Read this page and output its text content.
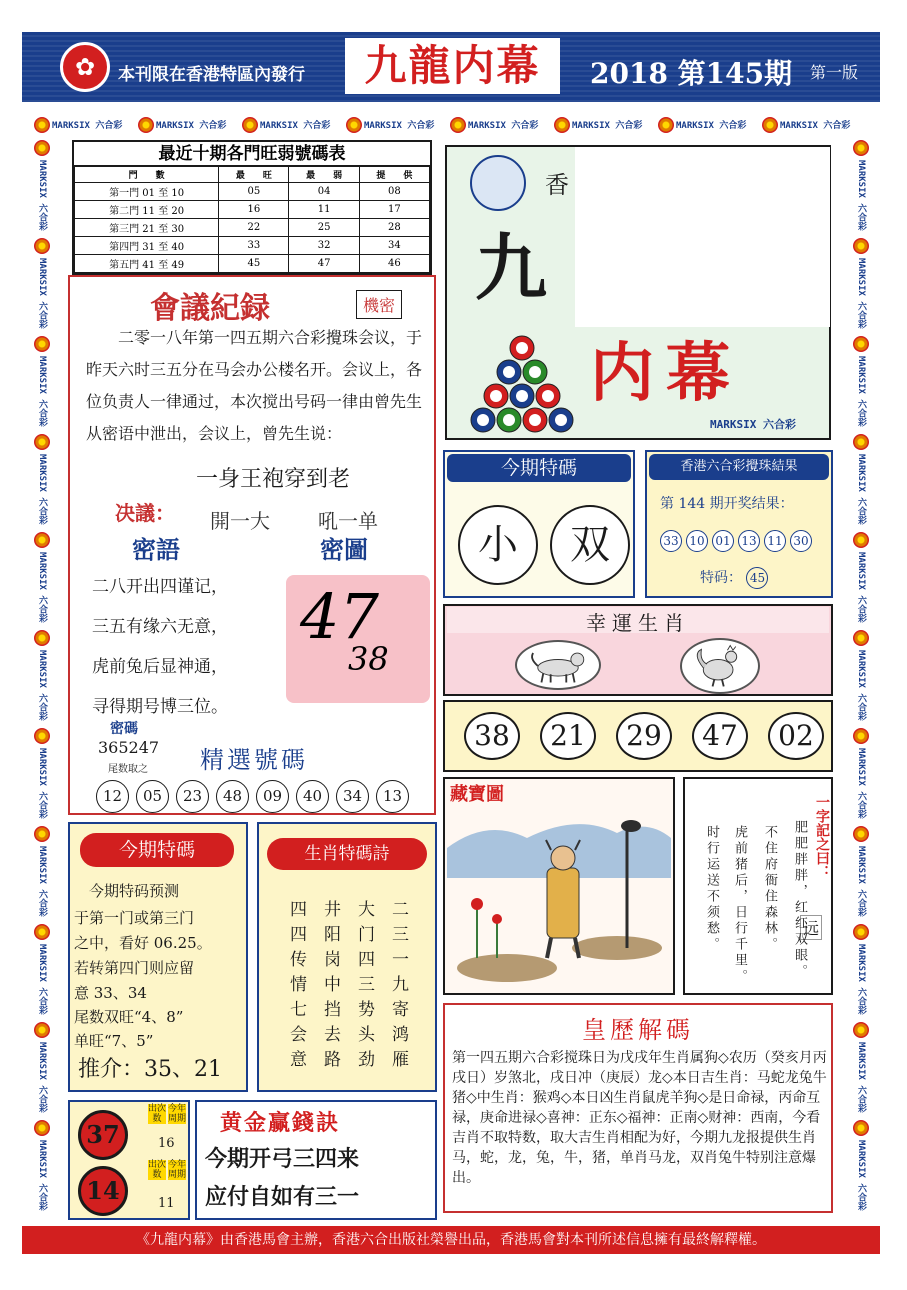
✿	本刊限在香港特區內發行	九龍内幕	2018 第145期 第一版
MARKSIX 六合彩	MARKSIX 六合彩	MARKSIX 六合彩	MARKSIX 六合彩	MARKSIX 六合彩	MARKSIX 六合彩	MARKSIX 六合彩	MARKSIX 六合彩
MARKSIX 六合彩
MARKSIX 六合彩
MARKSIX 六合彩
MARKSIX 六合彩
MARKSIX 六合彩
MARKSIX 六合彩
MARKSIX 六合彩
MARKSIX 六合彩
MARKSIX 六合彩
MARKSIX 六合彩
MARKSIX 六合彩
MARKSIX 六合彩
MARKSIX 六合彩
MARKSIX 六合彩
MARKSIX 六合彩
MARKSIX 六合彩
MARKSIX 六合彩
MARKSIX 六合彩
MARKSIX 六合彩
MARKSIX 六合彩
MARKSIX 六合彩
MARKSIX 六合彩
最近十期各門旺弱號碼表
門　　數	最　　旺	最　　弱	提　　供
第一門 01 至 10	05	04	08
第二門 11 至 20	16	11	17
第三門 21 至 30	22	25	28
第四門 31 至 40	33	32	34
第五門 41 至 49	45	47	46
會議紀録	機密
二零一八年第一四五期六合彩攪珠会议，于昨天六时三五分在马会办公楼名开。会议上，各位负责人一律通过，本次搅出号码一律由曾先生从密语中泄出，会议上，曾先生说：
一身王袍穿到老
决議： 開一大 吼一单
密語	密圖
二八开出四谨记，
三五有缘六无意，
虎前兔后显神通，
寻得期号博三位。
47
38
密碼
365247
尾数取之 精選號碼
12	05	23	48	09	40	34	13
香
九
内幕
MARKSIX 六合彩
今期特碼
小	双
香港六合彩攪珠結果
第 144 期开奖结果：
33 10 01 13 11 30
特码： 45
幸運生肖
38	21	29	47	02
藏寶圖
一字記之曰：
远
肥肥胖胖，红红双眼。
不住府衙住森林。
虎前猪后，日行千里。
时行运送不须愁。
今期特碼
　今期特码预测
于第一门或第三门
之中，看好 06.25。
若转第四门则应留
意 33、34
尾数双旺“4、8”
单旺“7、5”
推介：35、21
生肖特碼詩
二三一九寄鸿雁
大门四三势头劲
井阳岗中挡去路
四四传情七会意	皇歷解碼
第一四五期六合彩搅珠日为戊戌年生肖属狗◇农历（癸亥月丙戌日）岁煞北，戌日冲（庚辰）龙◇本日吉生肖：马蛇龙兔牛猪◇中生肖：猴鸡◇本日凶生肖鼠虎羊狗◇是日命禄，丙命互禄，庚命进禄◇喜神：正东◇福神：正南◇财神：西南，今看吉肖不取特数，取大吉生肖相配为好，今期九龙报提供生肖马，蛇，龙，兔，牛，猪，单肖马龙，双肖兔牛特别注意爆出。
37
14
出次数
今年周期
16
出次数
今年周期
11
黄金赢錢訣
今期开弓三四来
应付自如有三一
《九龍内幕》由香港馬會主辦，香港六合出版社榮譽出品，香港馬會對本刊所述信息擁有最終解釋權。
